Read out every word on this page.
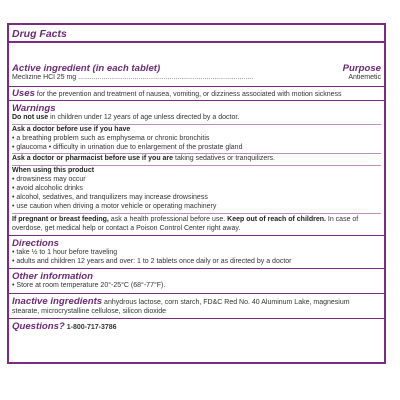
Drug Facts
Active ingredient (in each tablet)	Purpose
Meclizine HCl 25 mg ..........................................................................................	Antiemetic
Uses for the prevention and treatment of nausea, vomiting, or dizziness associated with motion sickness
Warnings
Do not use in children under 12 years of age unless directed by a doctor.
Ask a doctor before use if you have
• a breathing problem such as emphysema or chronic bronchitis
• glaucoma • difficulty in urination due to enlargement of the prostate gland
Ask a doctor or pharmacist before use if you are taking sedatives or tranquilizers.
When using this product
• drowsiness may occur
• avoid alcoholic drinks
• alcohol, sedatives, and tranquilizers may increase drowsiness
• use caution when driving a motor vehicle or operating machinery
If pregnant or breast feeding, ask a health professional before use. Keep out of reach of children. In case of
overdose, get medical help or contact a Poison Control Center right away.
Directions
• take ½ to 1 hour before traveling
• adults and children 12 years and over: 1 to 2 tablets once daily or as directed by a doctor
Other information
• Store at room temperature 20°-25°C (68°-77°F).
Inactive ingredients anhydrous lactose, corn starch, FD&C Red No. 40 Aluminum Lake, magnesium
stearate, microcrystalline cellulose, silicon dioxide
Questions? 1-800-717-3786
